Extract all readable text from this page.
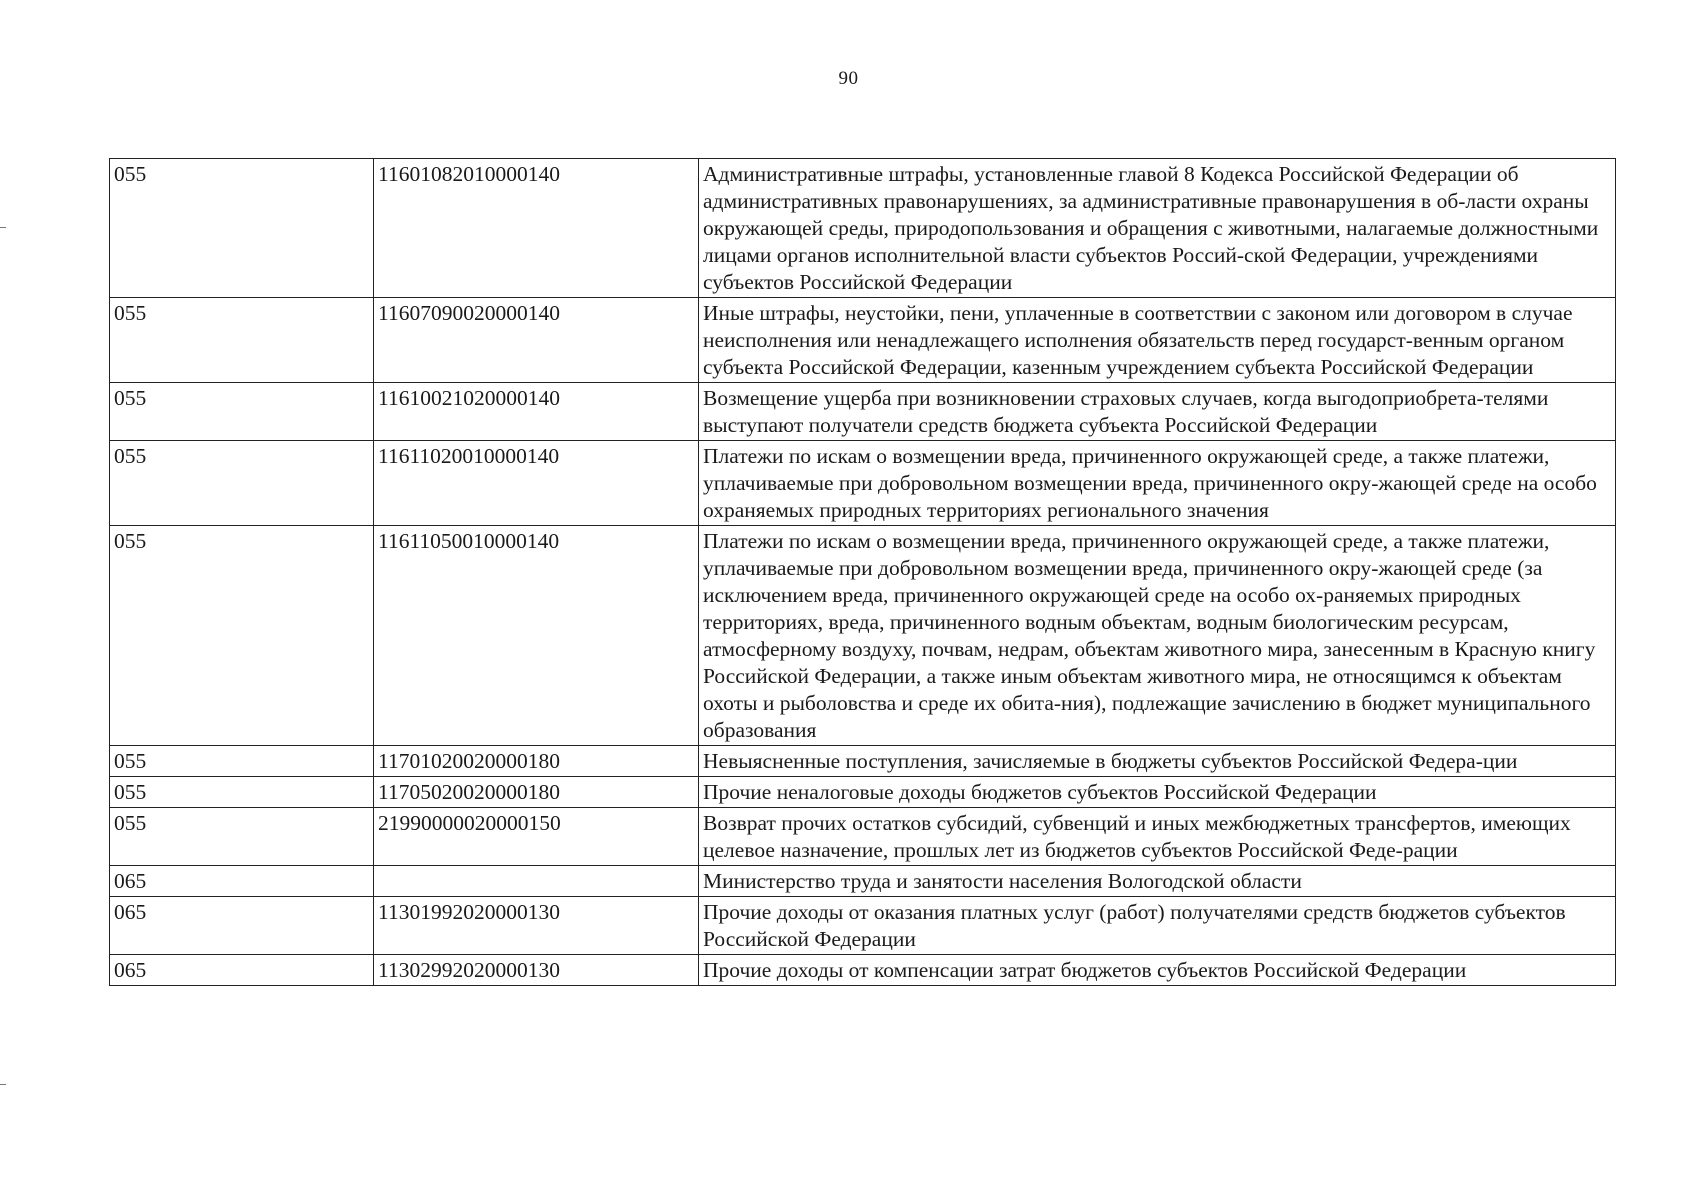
90
055	11601082010000140	Административные штрафы, установленные главой 8 Кодекса Российской Федерации об административных правонарушениях, за административные правонарушения в об-ласти охраны окружающей среды, природопользования и обращения с животными, налагаемые должностными лицами органов исполнительной власти субъектов Россий-ской Федерации, учреждениями субъектов Российской Федерации
055	11607090020000140	Иные штрафы, неустойки, пени, уплаченные в соответствии с законом или договором в случае неисполнения или ненадлежащего исполнения обязательств перед государст-венным органом субъекта Российской Федерации, казенным учреждением субъекта Российской Федерации
055	11610021020000140	Возмещение ущерба при возникновении страховых случаев, когда выгодоприобрета-телями выступают получатели средств бюджета субъекта Российской Федерации
055	11611020010000140	Платежи по искам о возмещении вреда, причиненного окружающей среде, а также платежи, уплачиваемые при добровольном возмещении вреда, причиненного окру-жающей среде на особо охраняемых природных территориях регионального значения
055	11611050010000140	Платежи по искам о возмещении вреда, причиненного окружающей среде, а также платежи, уплачиваемые при добровольном возмещении вреда, причиненного окру-жающей среде (за исключением вреда, причиненного окружающей среде на особо ох-раняемых природных территориях, вреда, причиненного водным объектам, водным биологическим ресурсам, атмосферному воздуху, почвам, недрам, объектам животного мира, занесенным в Красную книгу Российской Федерации, а также иным объектам животного мира, не относящимся к объектам охоты и рыболовства и среде их обита-ния), подлежащие зачислению в бюджет муниципального образования
055	11701020020000180	Невыясненные поступления, зачисляемые в бюджеты субъектов Российской Федера-ции
055	11705020020000180	Прочие неналоговые доходы бюджетов субъектов Российской Федерации
055	21990000020000150	Возврат прочих остатков субсидий, субвенций и иных межбюджетных трансфертов, имеющих целевое назначение, прошлых лет из бюджетов субъектов Российской Феде-рации
065		Министерство труда и занятости населения Вологодской области
065	11301992020000130	Прочие доходы от оказания платных услуг (работ) получателями средств бюджетов субъектов Российской Федерации
065	11302992020000130	Прочие доходы от компенсации затрат бюджетов субъектов Российской Федерации
